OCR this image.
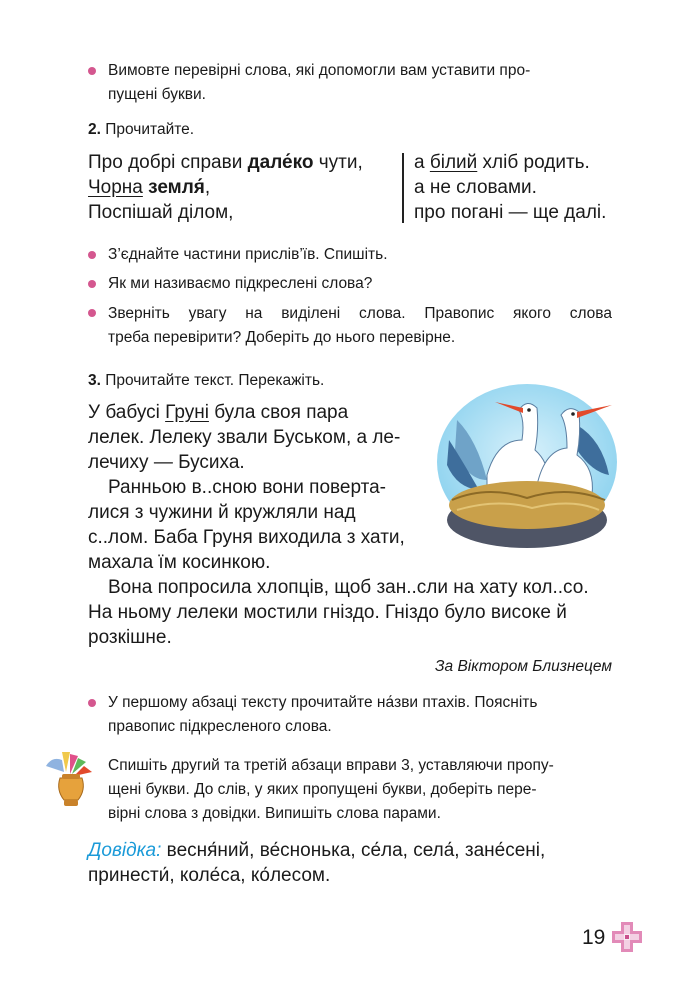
Вимовте перевірні слова, які допомогли вам уставити про-
пущені букви.
2. Прочитайте.
Про добрі справи дале́ко чути,
Чорна земля́,
Поспішай ділом,
а білий хліб родить.
а не словами.
про погані — ще далі.
З’єднайте частини прислів’їв. Спишіть.
Як ми називаємо підкреслені слова?
Зверніть увагу на виділені слова. Правопис якого слова
треба перевірити? Доберіть до нього перевірне.
3. Прочитайте текст. Перекажіть.
У бабусі Груні була своя пара
лелек. Лелеку звали Буськом, а ле-
лечиху — Бусиха.
Ранньою в..сною вони поверта-
лися з чужини й кружляли над
с..лом. Баба Груня виходила з хати,
махала їм косинкою.
Вона попросила хлопців, щоб зан..сли на хату кол..со.
На ньому лелеки мостили гніздо. Гніздо було високе й
розкішне.
За Віктором Близнецем
У першому абзаці тексту прочитайте на́зви птахів. Поясніть
правопис підкресленого слова.
Спишіть другий та третій абзаци вправи 3, уставляючи пропу-
щені букви. До слів, у яких пропущені букви, доберіть пере-
вірні слова з довідки. Випишіть слова парами.
Довідка: весня́ний, ве́снонька, се́ла, села́, зане́сені,
принести́, коле́са, ко́лесом.
19
